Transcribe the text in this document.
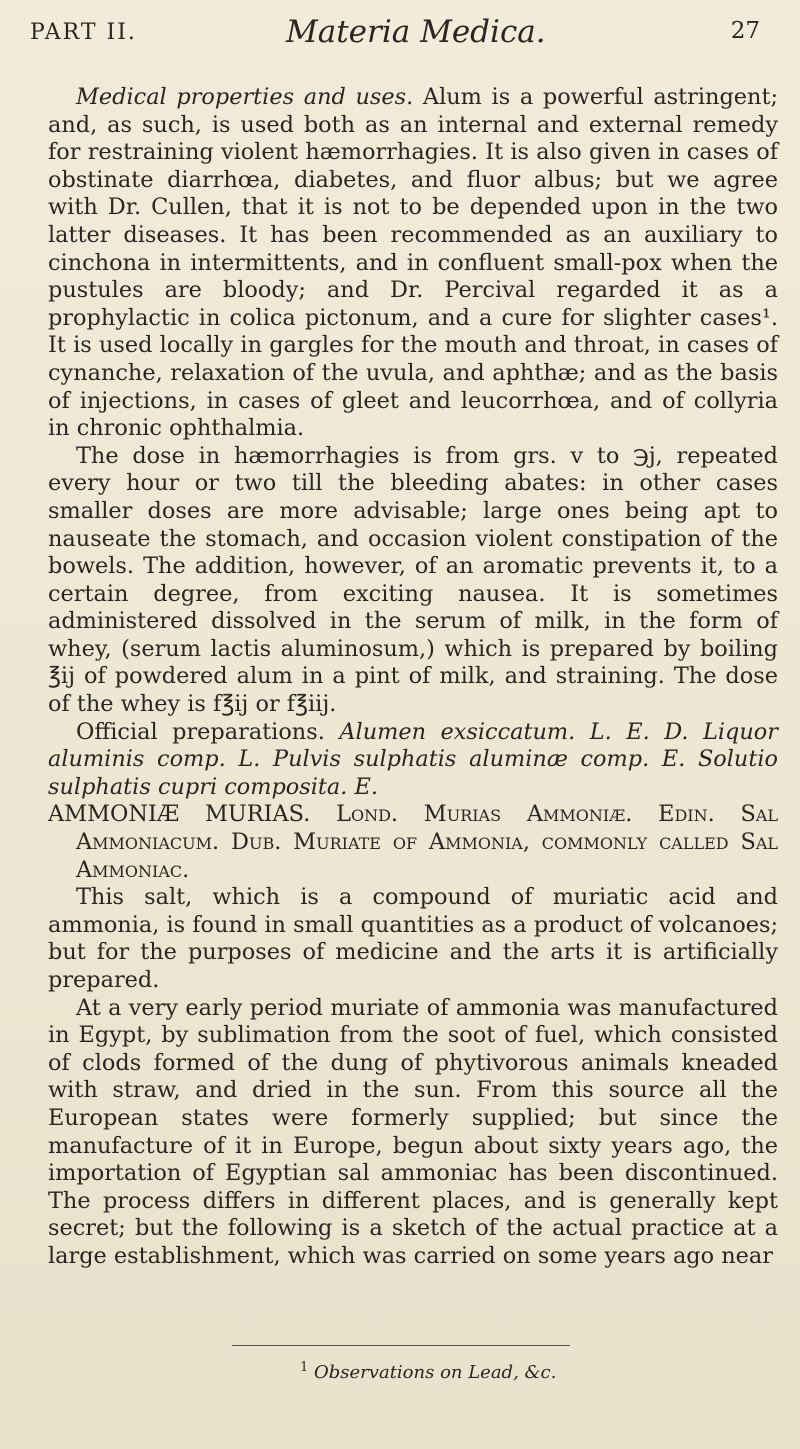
PART II.	Materia Medica.	27

Medical properties and uses. Alum is a powerful astringent; and, as such, is used both as an internal and external remedy for restraining violent hæmorrhagies. It is also given in cases of obstinate diarrhœa, diabetes, and fluor albus; but we agree with Dr. Cullen, that it is not to be depended upon in the two latter diseases. It has been recommended as an auxiliary to cinchona in intermittents, and in confluent small-pox when the pustules are bloody; and Dr. Percival regarded it as a prophylactic in colica pictonum, and a cure for slighter cases¹. It is used locally in gargles for the mouth and throat, in cases of cynanche, relaxation of the uvula, and aphthæ; and as the basis of injections, in cases of gleet and leucorrhœa, and of collyria in chronic ophthalmia.

The dose in hæmorrhagies is from grs. v to ℈j, repeated every hour or two till the bleeding abates: in other cases smaller doses are more advisable; large ones being apt to nauseate the stomach, and occasion violent constipation of the bowels. The addition, however, of an aromatic prevents it, to a certain degree, from exciting nausea. It is sometimes administered dissolved in the serum of milk, in the form of whey, (serum lactis aluminosum,) which is prepared by boiling ℥ij of powdered alum in a pint of milk, and straining. The dose of the whey is f℥ij or f℥iij.

Official preparations. Alumen exsiccatum. L. E. D. Liquor aluminis comp. L. Pulvis sulphatis aluminæ comp. E. Solutio sulphatis cupri composita. E.

AMMONIÆ MURIAS. Lond. Murias Ammoniæ. Edin. Sal Ammoniacum. Dub. Muriate of Ammonia, commonly called Sal Ammoniac.

This salt, which is a compound of muriatic acid and ammonia, is found in small quantities as a product of volcanoes; but for the purposes of medicine and the arts it is artificially prepared.

At a very early period muriate of ammonia was manufactured in Egypt, by sublimation from the soot of fuel, which consisted of clods formed of the dung of phytivorous animals kneaded with straw, and dried in the sun. From this source all the European states were formerly supplied; but since the manufacture of it in Europe, begun about sixty years ago, the importation of Egyptian sal ammoniac has been discontinued. The process differs in different places, and is generally kept secret; but the following is a sketch of the actual practice at a large establishment, which was carried on some years ago near

$^1$ Observations on Lead, &c.
